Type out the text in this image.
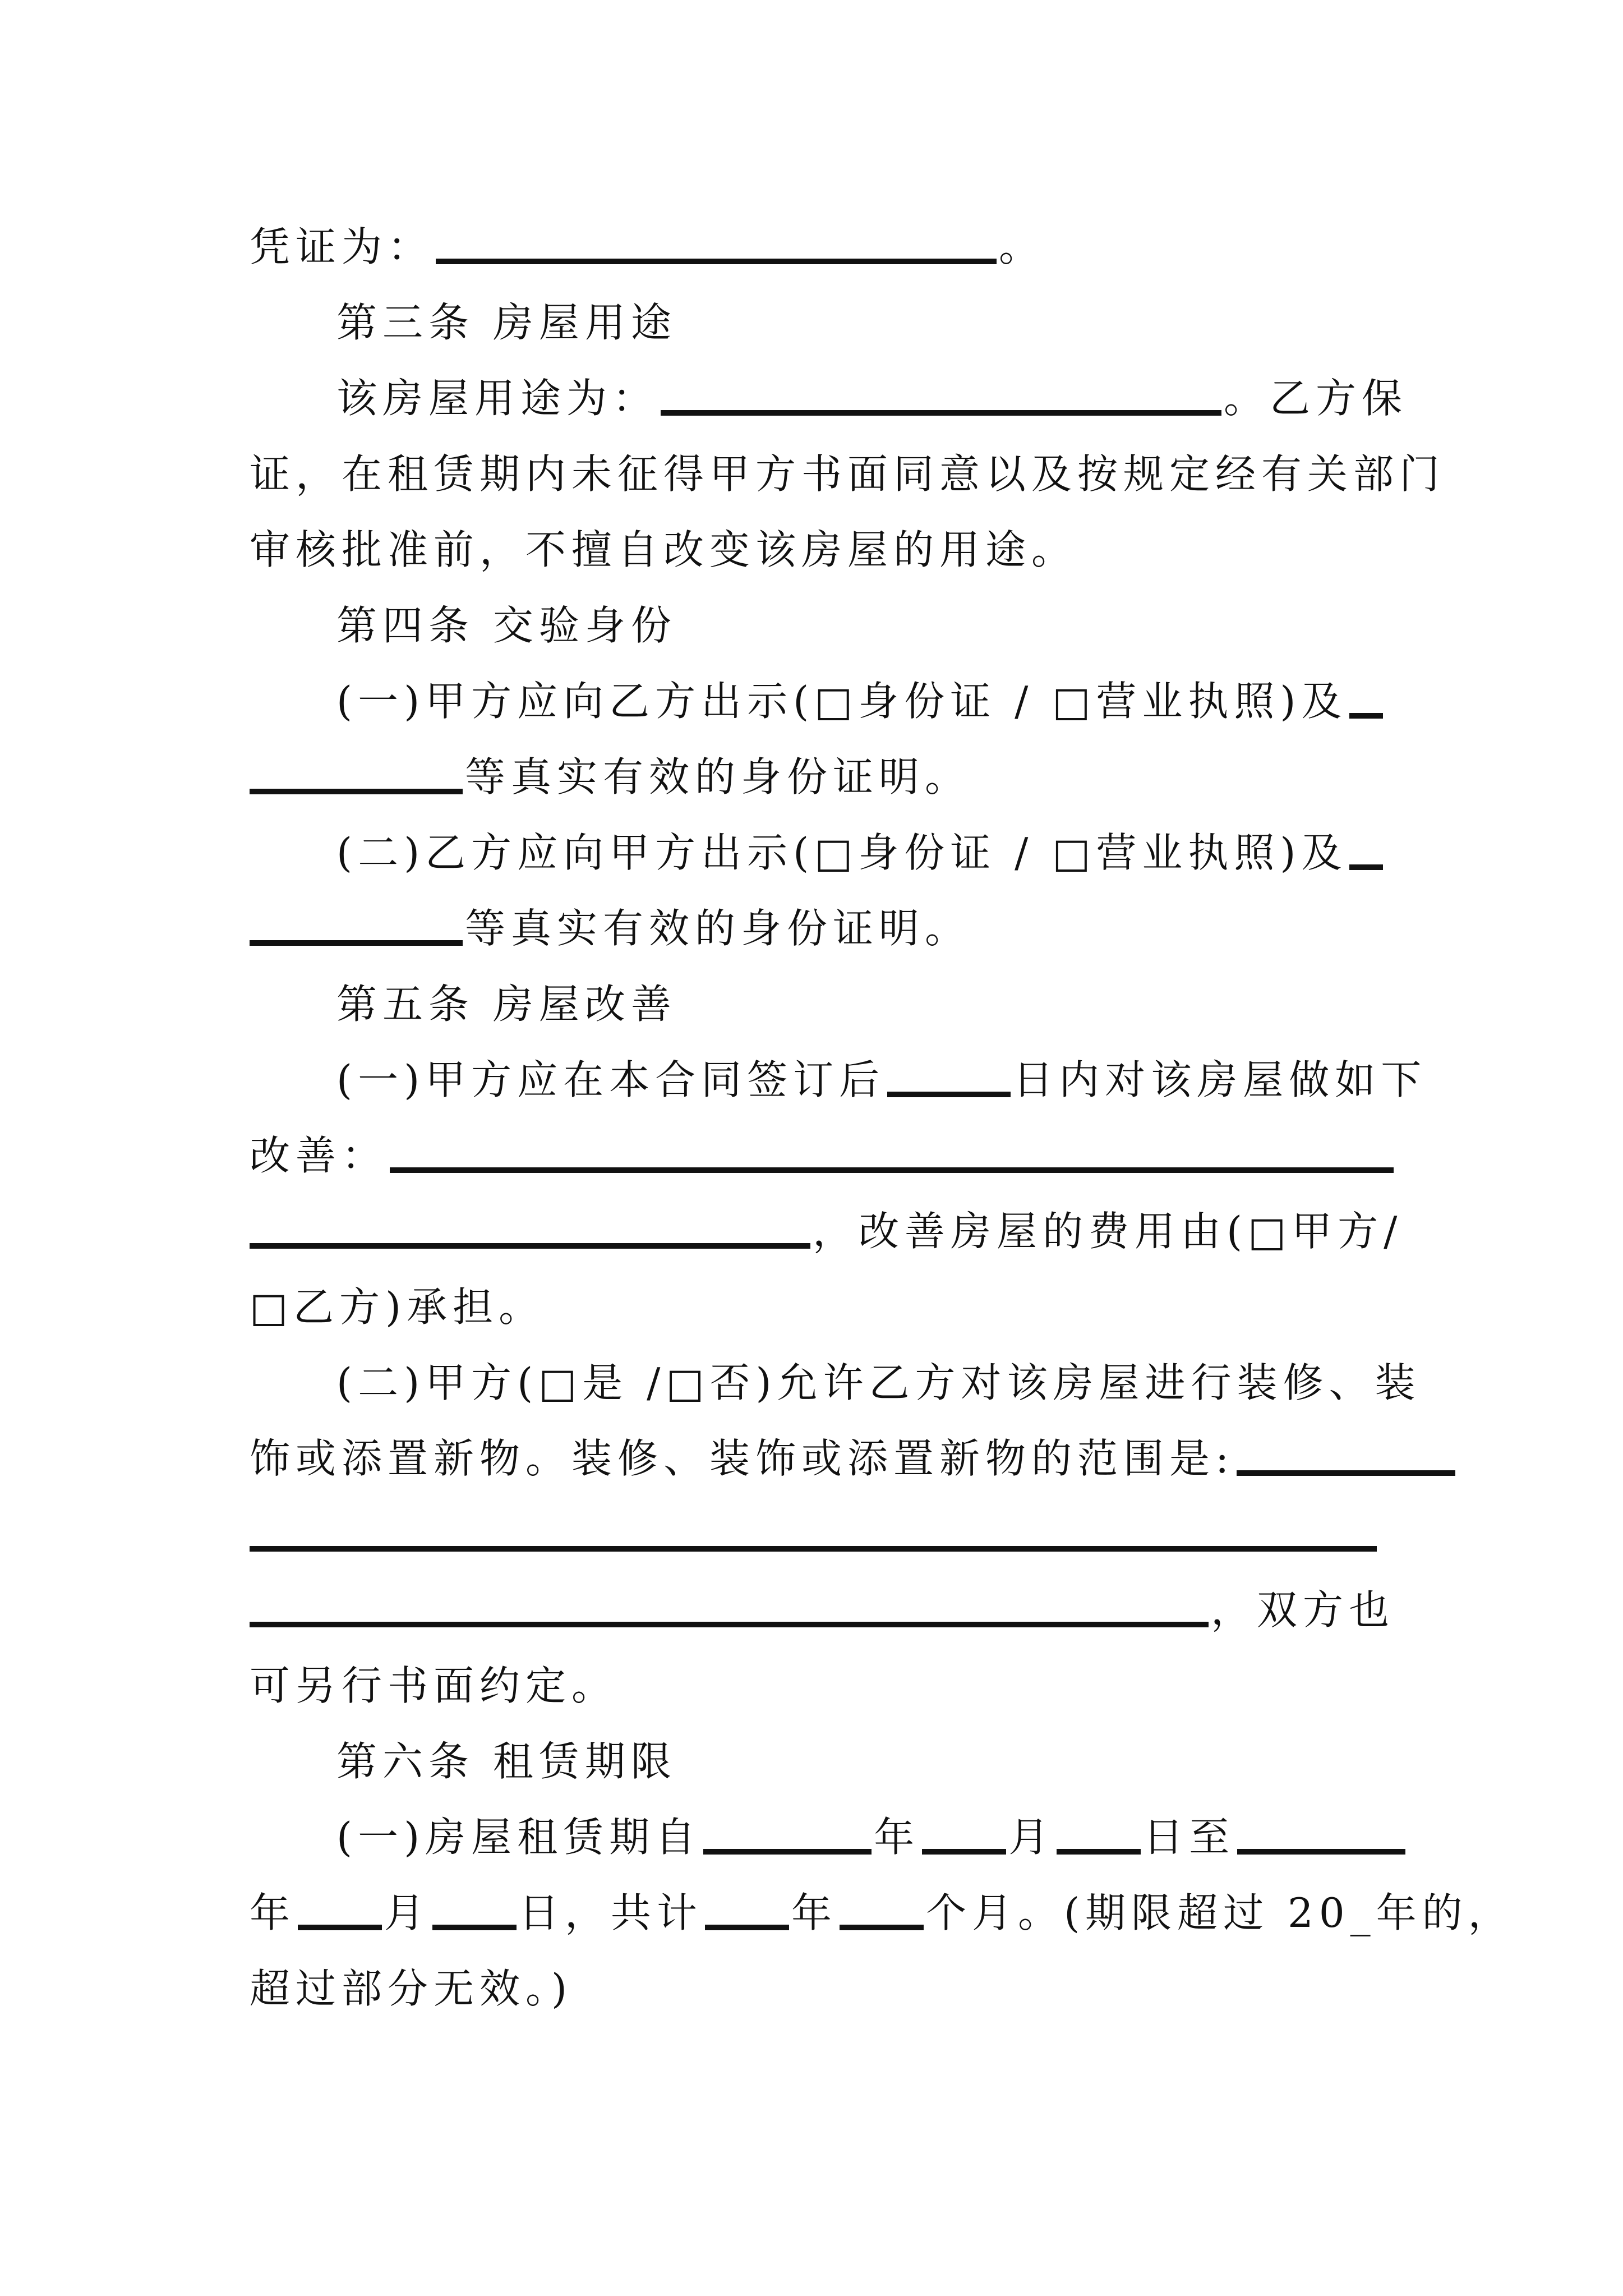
凭证为：	。
第三条 房屋用途
该房屋用途为：	。乙方保
证，在租赁期内未征得甲方书面同意以及按规定经有关部门
审核批准前，不擅自改变该房屋的用途。
第四条 交验身份
(一)甲方应向乙方出示(□身份证 / □营业执照)及
等真实有效的身份证明。
(二)乙方应向甲方出示(□身份证 / □营业执照)及
等真实有效的身份证明。
第五条 房屋改善
(一)甲方应在本合同签订后	日内对该房屋做如下
改善：
，改善房屋的费用由(□甲方/
□乙方)承担。
(二)甲方(□是 /□否)允许乙方对该房屋进行装修、装
饰或添置新物。装修、装饰或添置新物的范围是:
，双方也
可另行书面约定。
第六条 租赁期限
(一)房屋租赁期自	年 月 日至
年 月 日，共计 年 个月。(期限超过 20_年的，
超过部分无效。)
